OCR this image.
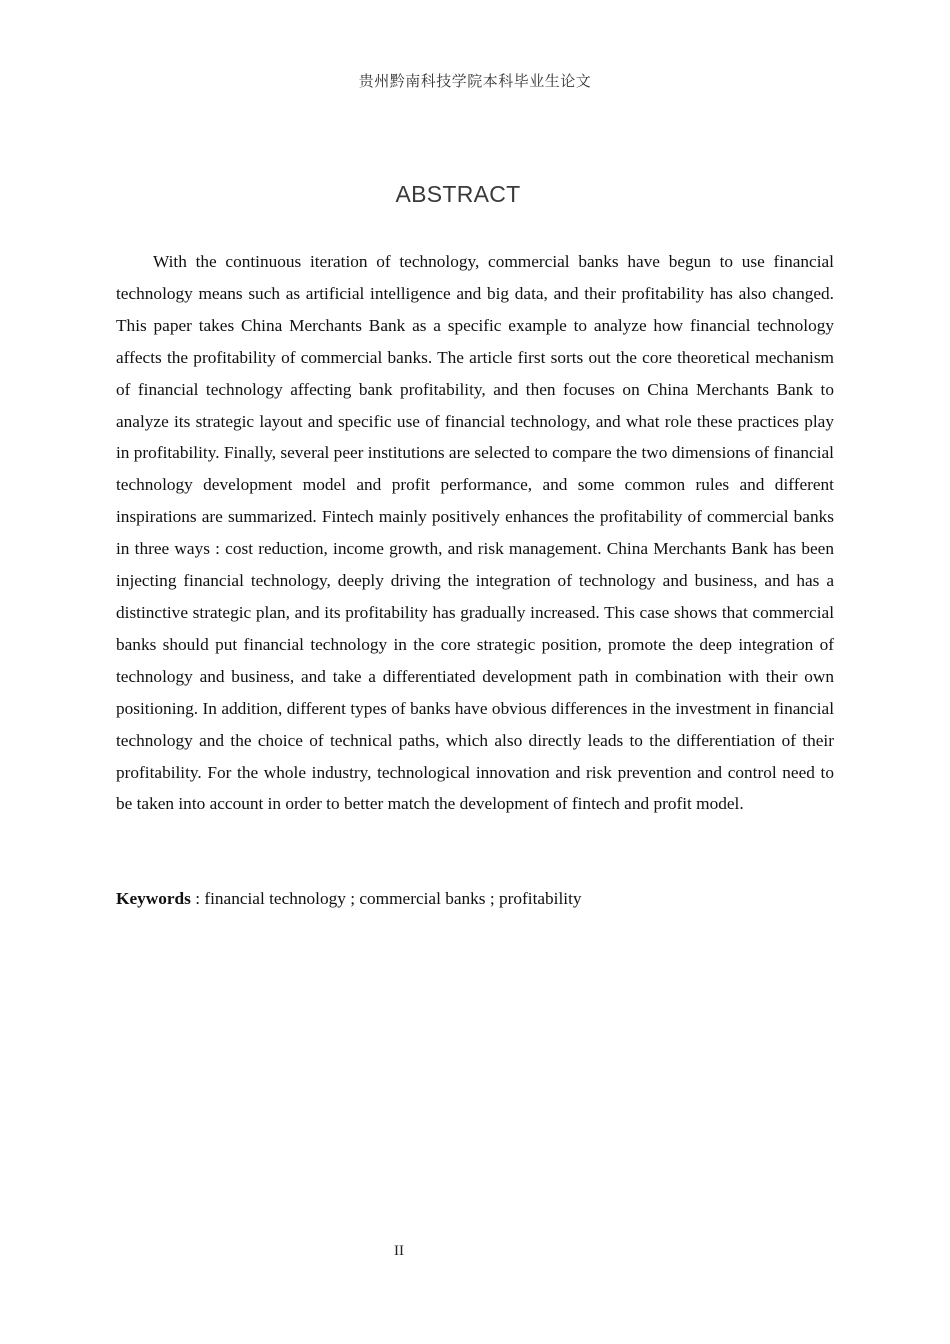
贵州黔南科技学院本科毕业生论文
ABSTRACT

With the continuous iteration of technology, commercial banks have begun to use financial technology means such as artificial intelligence and big data, and their profitability has also changed. This paper takes China Merchants Bank as a specific example to analyze how financial technology affects the profitability of commercial banks. The article first sorts out the core theoretical mechanism of financial technology affecting bank profitability, and then focuses on China Merchants Bank to analyze its strategic layout and specific use of financial technology, and what role these practices play in profitability. Finally, several peer institutions are selected to compare the two dimensions of financial technology development model and profit performance, and some common rules and different inspirations are summarized. Fintech mainly positively enhances the profitability of commercial banks in three ways : cost reduction, income growth, and risk management. China Merchants Bank has been injecting financial technology, deeply driving the integration of technology and business, and has a distinctive strategic plan, and its profitability has gradually increased. This case shows that commercial banks should put financial technology in the core strategic position, promote the deep integration of technology and business, and take a differentiated development path in combination with their own positioning. In addition, different types of banks have obvious differences in the investment in financial technology and the choice of technical paths, which also directly leads to the differentiation of their profitability. For the whole industry, technological innovation and risk prevention and control need to be taken into account in order to better match the development of fintech and profit model.

Keywords : financial technology ; commercial banks ; profitability

II
